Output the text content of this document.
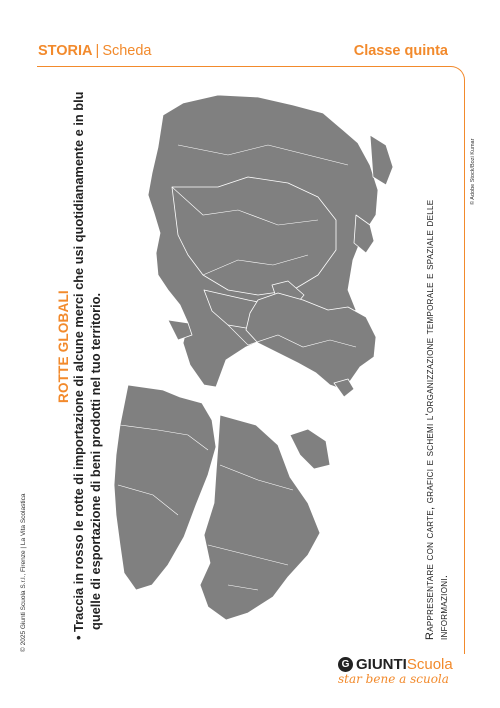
STORIA | Scheda	Classe quinta
© 2025 Giunti Scuola S.r.l., Firenze | La Vita Scolastica
ROTTE GLOBALI • Traccia in rosso le rotte di importazione di alcune merci che usi quotidianamente e in blu quelle di esportazione di beni prodotti nel tuo territorio.	Rappresentare con carte, grafici e schemi l'organizzazione temporale e spaziale delle informazioni.
© Adobe Stock/Bozi Kumar
G GIUNTI Scuola
star bene a scuola
